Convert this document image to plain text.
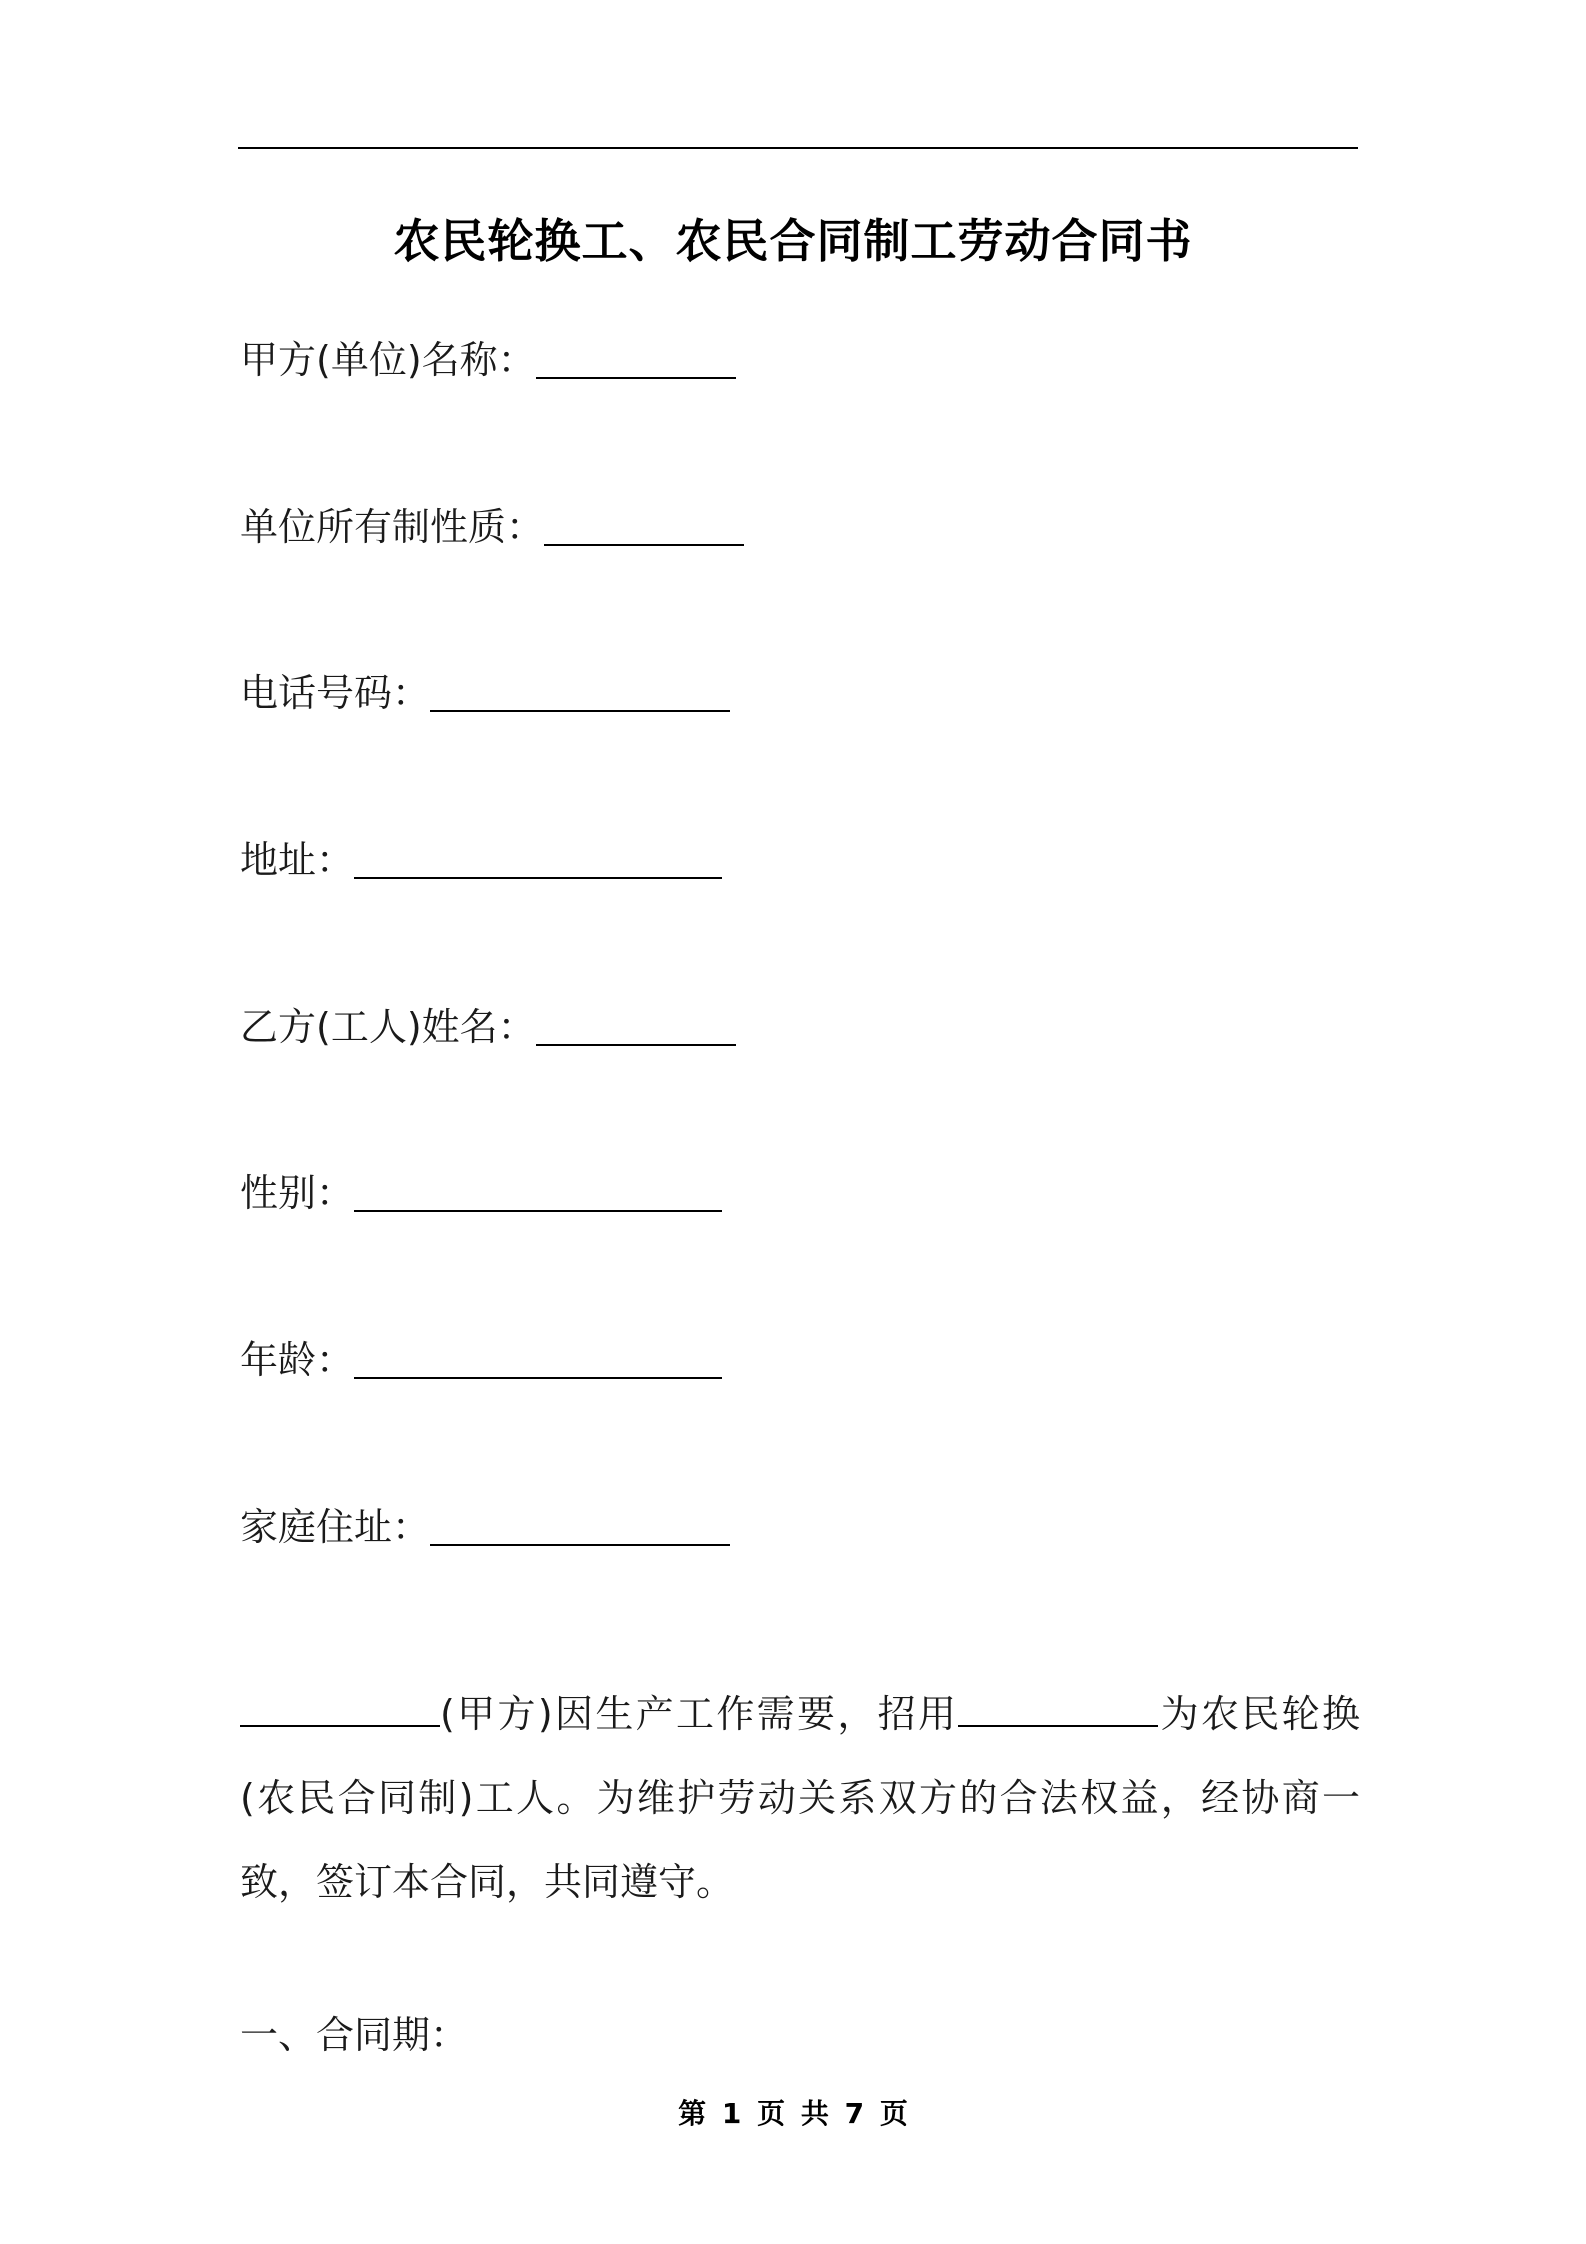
农民轮换工、农民合同制工劳动合同书
甲方(单位)名称：
单位所有制性质：
电话号码：
地址：
乙方(工人)姓名：
性别：
年龄：
家庭住址：
(甲方)因生产工作需要，招用	为农民轮换(农民合同制)工人。为维护劳动关系双方的合法权益，经协商一致，签订本合同，共同遵守。
一、合同期：
第 1 页 共 7 页
